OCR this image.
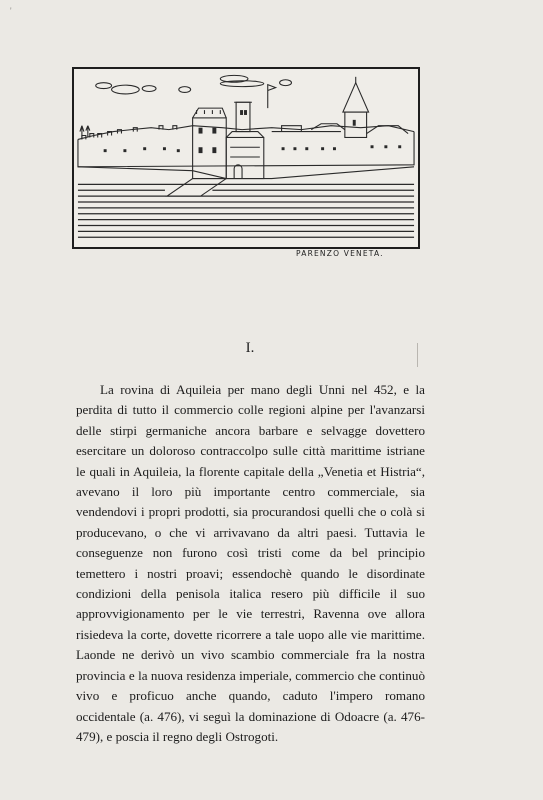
'
PARENZO VENETA.
I.

La rovina di Aquileia per mano degli Unni nel 452, e la perdita di tutto il commercio colle regioni alpine per l'avanzarsi delle stirpi germaniche ancora barbare e selvagge dovettero esercitare un doloroso contraccolpo sulle città marittime istriane le quali in Aquileia, la florente capitale della „Venetia et Histria“, avevano il loro più importante centro commerciale, sia vendendovi i propri prodotti, sia procurandosi quelli che o colà si producevano, o che vi arrivavano da altri paesi. Tuttavia le conseguenze non furono così tristi come da bel principio temettero i nostri proavi; essendochè quando le disordinate condizioni della penisola italica resero più difficile il suo approvvigionamento per le vie terrestri, Ravenna ove allora risiedeva la corte, dovette ricorrere a tale uopo alle vie marittime. Laonde ne derivò un vivo scambio commerciale fra la nostra provincia e la nuova residenza imperiale, commercio che continuò vivo e proficuo anche quando, caduto l'impero romano occidentale (a. 476), vi seguì la dominazione di Odoacre (a. 476-479), e poscia il regno degli Ostrogoti.
